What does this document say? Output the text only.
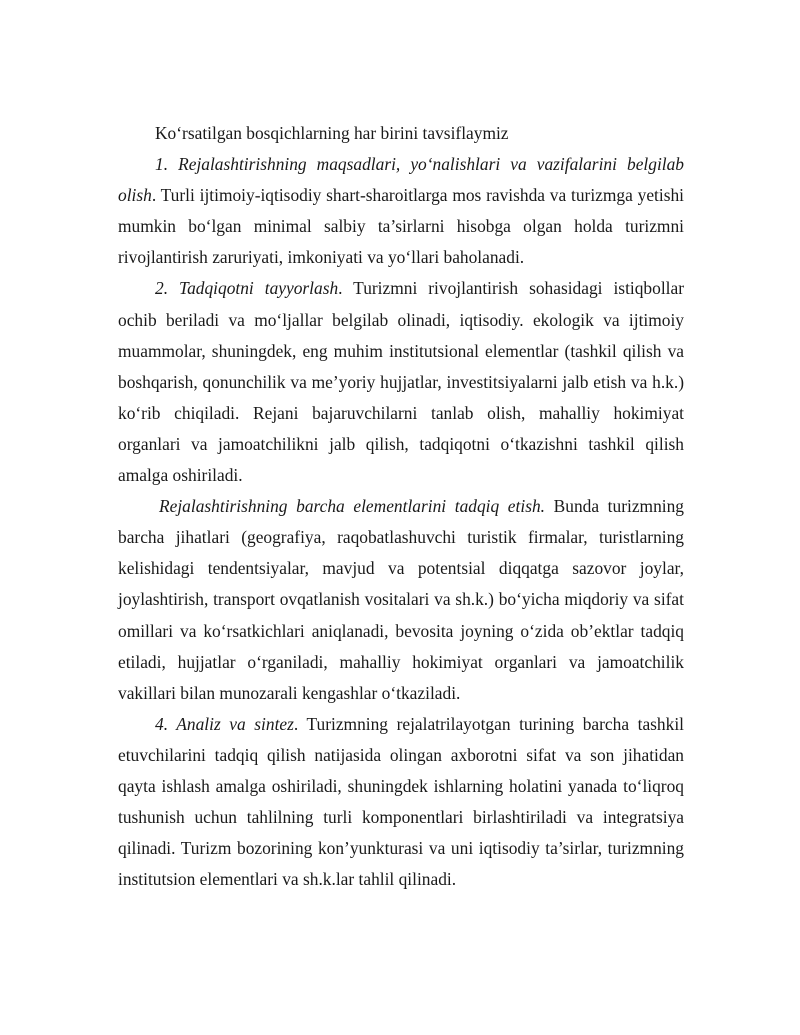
Ko‘rsatilgan bosqichlarning har birini tavsiflaymiz

1. Rejalashtirishning maqsadlari, yo‘nalishlari va vazifalarini belgilab olish. Turli ijtimoiy-iqtisodiy shart-sharoitlarga mos ravishda va turizmga yetishi mumkin bo‘lgan minimal salbiy ta’sirlarni hisobga olgan holda turizmni rivojlantirish zaruriyati, imkoniyati va yo‘llari baholanadi.

2. Tadqiqotni tayyorlash. Turizmni rivojlantirish sohasidagi istiqbollar ochib beriladi va mo‘ljallar belgilab olinadi, iqtisodiy. ekologik va ijtimoiy muammolar, shuningdek, eng muhim institutsional elementlar (tashkil qilish va boshqarish, qonunchilik va me’yoriy hujjatlar, investitsiyalarni jalb etish va h.k.) ko‘rib chiqiladi. Rejani bajaruvchilarni tanlab olish, mahalliy hokimiyat organlari va jamoatchilikni jalb qilish, tadqiqotni o‘tkazishni tashkil qilish amalga oshiriladi.

Rejalashtirishning barcha elementlarini tadqiq etish. Bunda turizmning barcha jihatlari (geografiya, raqobatlashuvchi turistik firmalar, turistlarning kelishidagi tendentsiyalar, mavjud va potentsial diqqatga sazovor joylar, joylashtirish, transport ovqatlanish vositalari va sh.k.) bo‘yicha miqdoriy va sifat omillari va ko‘rsatkichlari aniqlanadi, bevosita joyning o‘zida ob’ektlar tadqiq etiladi, hujjatlar o‘rganiladi, mahalliy hokimiyat organlari va jamoatchilik vakillari bilan munozarali kengashlar o‘tkaziladi.

4. Analiz va sintez. Turizmning rejalatrilayotgan turining barcha tashkil etuvchilarini tadqiq qilish natijasida olingan axborotni sifat va son jihatidan qayta ishlash amalga oshiriladi, shuningdek ishlarning holatini yanada to‘liqroq tushunish uchun tahlilning turli komponentlari birlashtiriladi va integratsiya qilinadi. Turizm bozorining kon’yunkturasi va uni iqtisodiy ta’sirlar, turizmning institutsion elementlari va sh.k.lar tahlil qilinadi.
